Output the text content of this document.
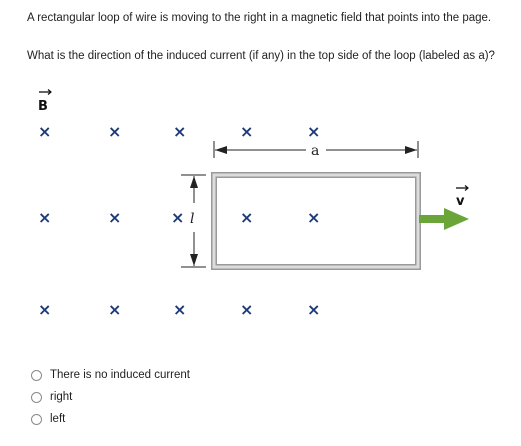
A rectangular loop of wire is moving to the right in a magnetic field that points into the page.
What is the direction of the induced current (if any) in the top side of the loop (labeled as a)?
B
×	×	×	×	×
×	×	×	×	×
×	×	×	×	×
a
l
v
There is no induced current
right
left
